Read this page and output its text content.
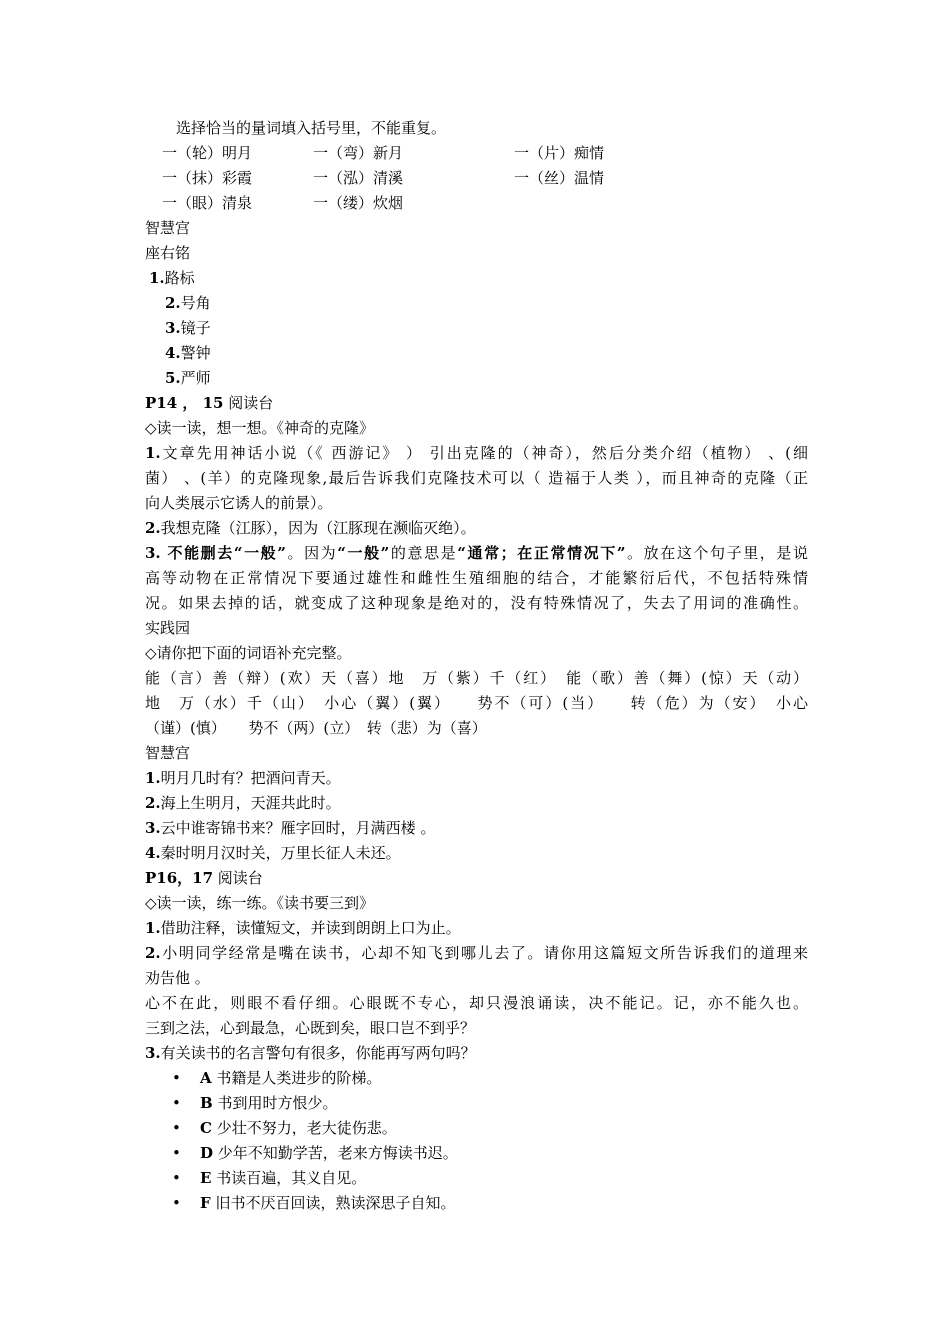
选择恰当的量词填入括号里，不能重复。
一（轮）明月	一（弯）新月	一（片）痴情
一（抹）彩霞	一（泓）清溪	一（丝）温情
一（眼）清泉	一（缕）炊烟
智慧宫
座右铭
1.路标
2.号角
3.镜子
4.警钟
5.严师
P14 ， 15 阅读台
◇读一读，想一想。《神奇的克隆》
1.文章先用神话小说（《 西游记》 ） 引出克隆的（神奇），然后分类介绍（植物） 、(细
菌） 、(羊）的克隆现象,最后告诉我们克隆技术可以（ 造福于人类 ），而且神奇的克隆（正
向人类展示它诱人的前景）。
2.我想克隆（江豚），因为（江豚现在濒临灭绝）。
3. 不能删去“一般”。因为“一般”的意思是“通常；在正常情况下”。放在这个句子里，是说
高等动物在正常情况下要通过雄性和雌性生殖细胞的结合，才能繁衍后代，不包括特殊情
况。如果去掉的话，就变成了这种现象是绝对的，没有特殊情况了，失去了用词的准确性。
实践园
◇请你把下面的词语补充完整。
能（言）善（辩）(欢）天（喜）地　万（紫）千（红）　能（歌）善（舞）(惊）天（动）
地　万（水）千（山）　小心（翼）(翼）　　势不（可）(当）　　转（危）为（安）　小心
（谨）(慎）　　势不（两）(立）　转（悲）为（喜）
智慧宫
1.明月几时有？把酒问青天。
2.海上生明月，天涯共此时。
3.云中谁寄锦书来？雁字回时，月满西楼 。
4.秦时明月汉时关，万里长征人未还。
P16，17 阅读台
◇读一读，练一练。《读书要三到》
1.借助注释，读懂短文，并读到朗朗上口为止。
2.小明同学经常是嘴在读书，心却不知飞到哪儿去了。请你用这篇短文所告诉我们的道理来
劝告他 。
心不在此，则眼不看仔细。心眼既不专心，却只漫浪诵读，决不能记。记，亦不能久也。
三到之法，心到最急，心既到矣，眼口岂不到乎？
3.有关读书的名言警句有很多，你能再写两句吗？
• A 书籍是人类进步的阶梯。
• B 书到用时方恨少。
• C 少壮不努力，老大徒伤悲。
• D 少年不知勤学苦，老来方悔读书迟。
• E 书读百遍，其义自见。
• F 旧书不厌百回读，熟读深思子自知。
